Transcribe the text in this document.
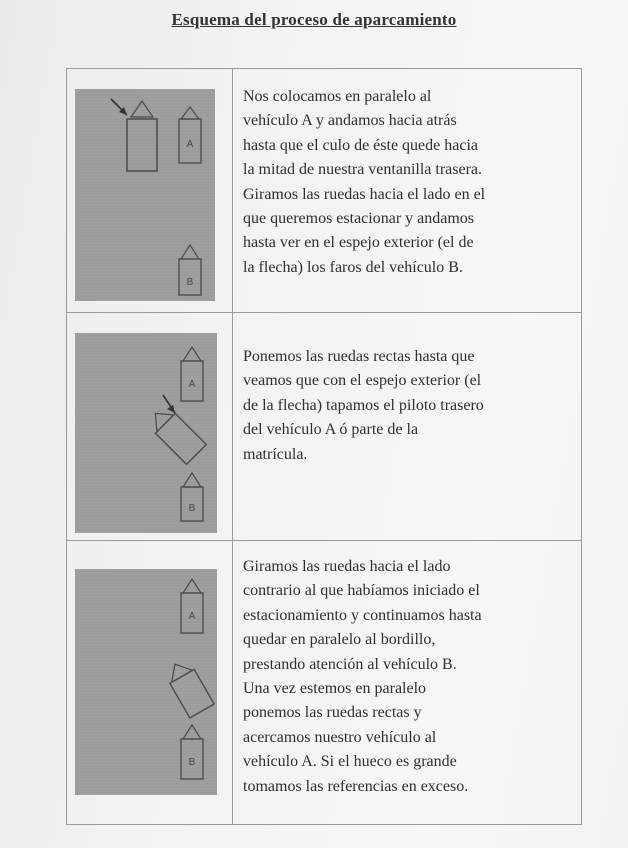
Esquema del proceso de aparcamiento
A
B

Nos colocamos en paralelo al

vehículo A y andamos hacia atrás

hasta que el culo de éste quede hacia

la mitad de nuestra ventanilla trasera.

Giramos las ruedas hacia el lado en el

que queremos estacionar y andamos

hasta ver en el espejo exterior (el de

la flecha) los faros del vehículo B.

A
B

Ponemos las ruedas rectas hasta que

veamos que con el espejo exterior (el

de la flecha) tapamos el piloto trasero

del vehículo A ó parte de la

matrícula.

A
B

Giramos las ruedas hacia el lado

contrario al que habíamos iniciado el

estacionamiento y continuamos hasta

quedar en paralelo al bordillo,

prestando atención al vehículo B.

Una vez estemos en paralelo

ponemos las ruedas rectas y

acercamos nuestro vehículo al

vehículo A. Si el hueco es grande

tomamos las referencias en exceso.
